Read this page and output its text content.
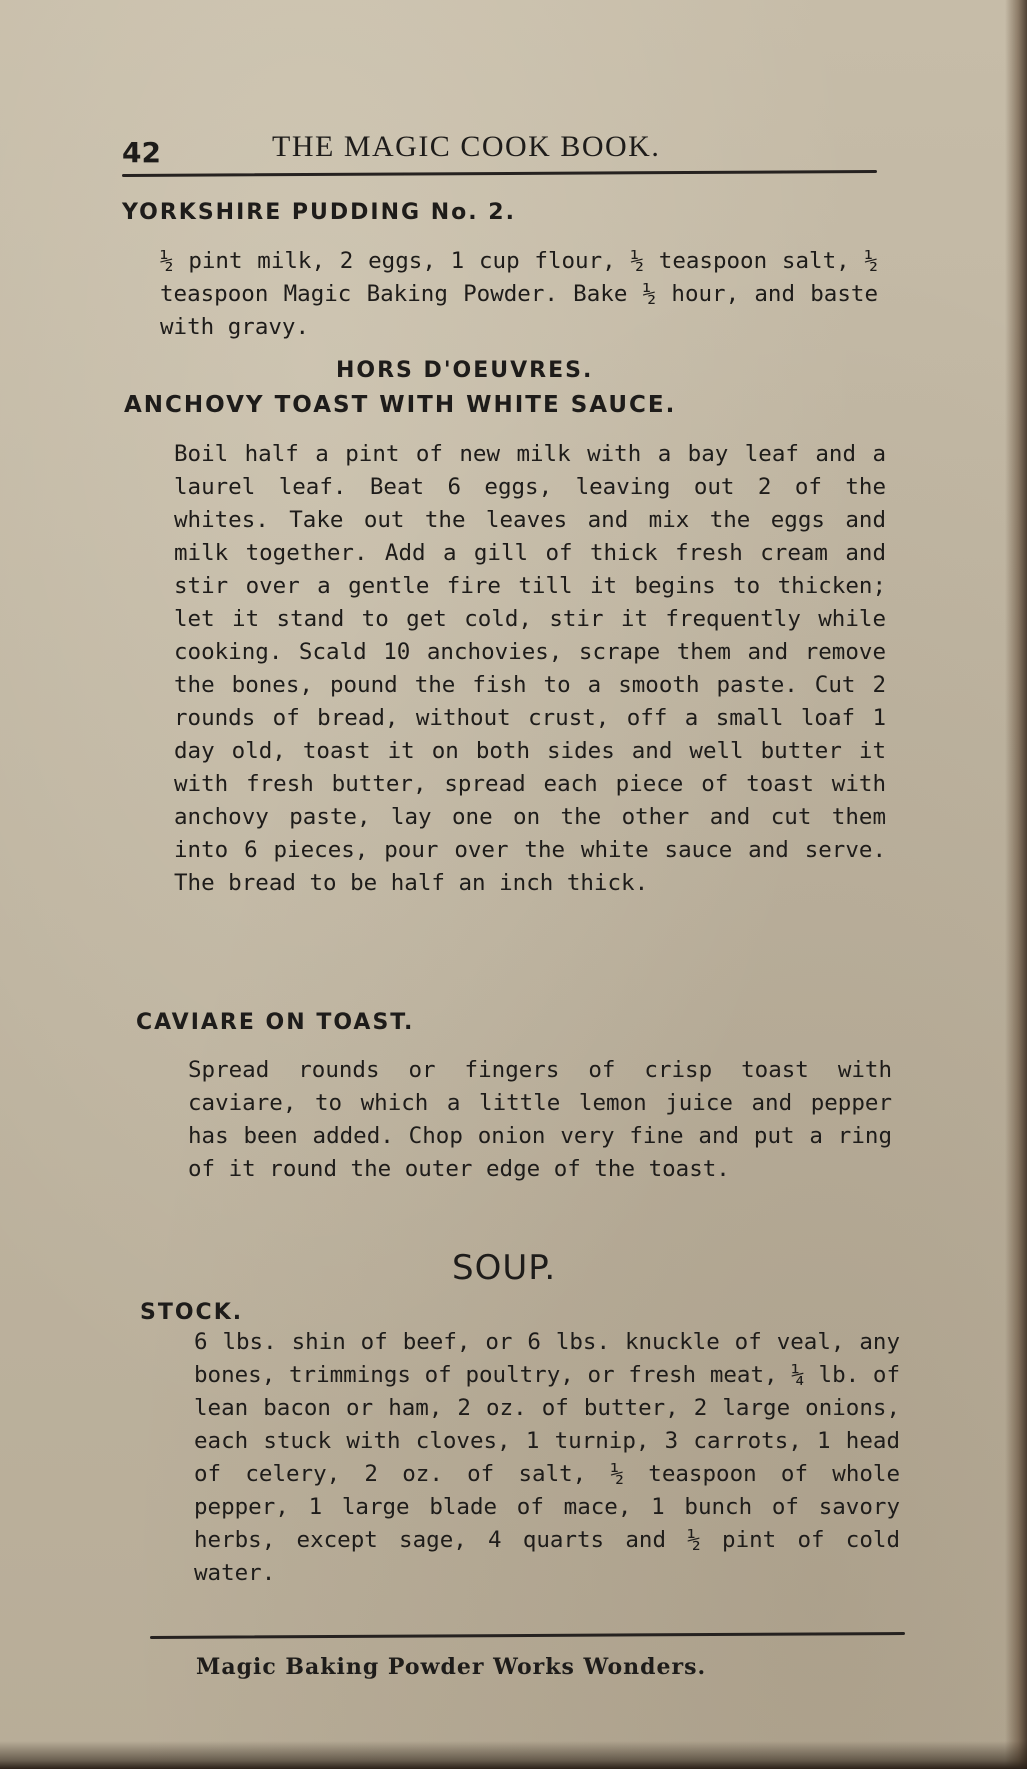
42	THE MAGIC COOK BOOK.
YORKSHIRE PUDDING No. 2.
½ pint milk, 2 eggs, 1 cup flour, ½ teaspoon salt, ½ teaspoon Magic Baking Powder. Bake ½ hour, and baste with gravy.
HORS D'OEUVRES.
ANCHOVY TOAST WITH WHITE SAUCE.
Boil half a pint of new milk with a bay leaf and a laurel leaf. Beat 6 eggs, leaving out 2 of the whites. Take out the leaves and mix the eggs and milk together. Add a gill of thick fresh cream and stir over a gentle fire till it begins to thicken; let it stand to get cold, stir it frequently while cooking. Scald 10 anchovies, scrape them and remove the bones, pound the fish to a smooth paste. Cut 2 rounds of bread, without crust, off a small loaf 1 day old, toast it on both sides and well butter it with fresh butter, spread each piece of toast with anchovy paste, lay one on the other and cut them into 6 pieces, pour over the white sauce and serve. The bread to be half an inch thick.
CAVIARE ON TOAST.
Spread rounds or fingers of crisp toast with caviare, to which a little lemon juice and pepper has been added. Chop onion very fine and put a ring of it round the outer edge of the toast.
SOUP.
STOCK.
6 lbs. shin of beef, or 6 lbs. knuckle of veal, any bones, trimmings of poultry, or fresh meat, ¼ lb. of lean bacon or ham, 2 oz. of butter, 2 large onions, each stuck with cloves, 1 turnip, 3 carrots, 1 head of celery, 2 oz. of salt, ½ teaspoon of whole pepper, 1 large blade of mace, 1 bunch of savory herbs, except sage, 4 quarts and ½ pint of cold water.
Magic Baking Powder Works Wonders.
